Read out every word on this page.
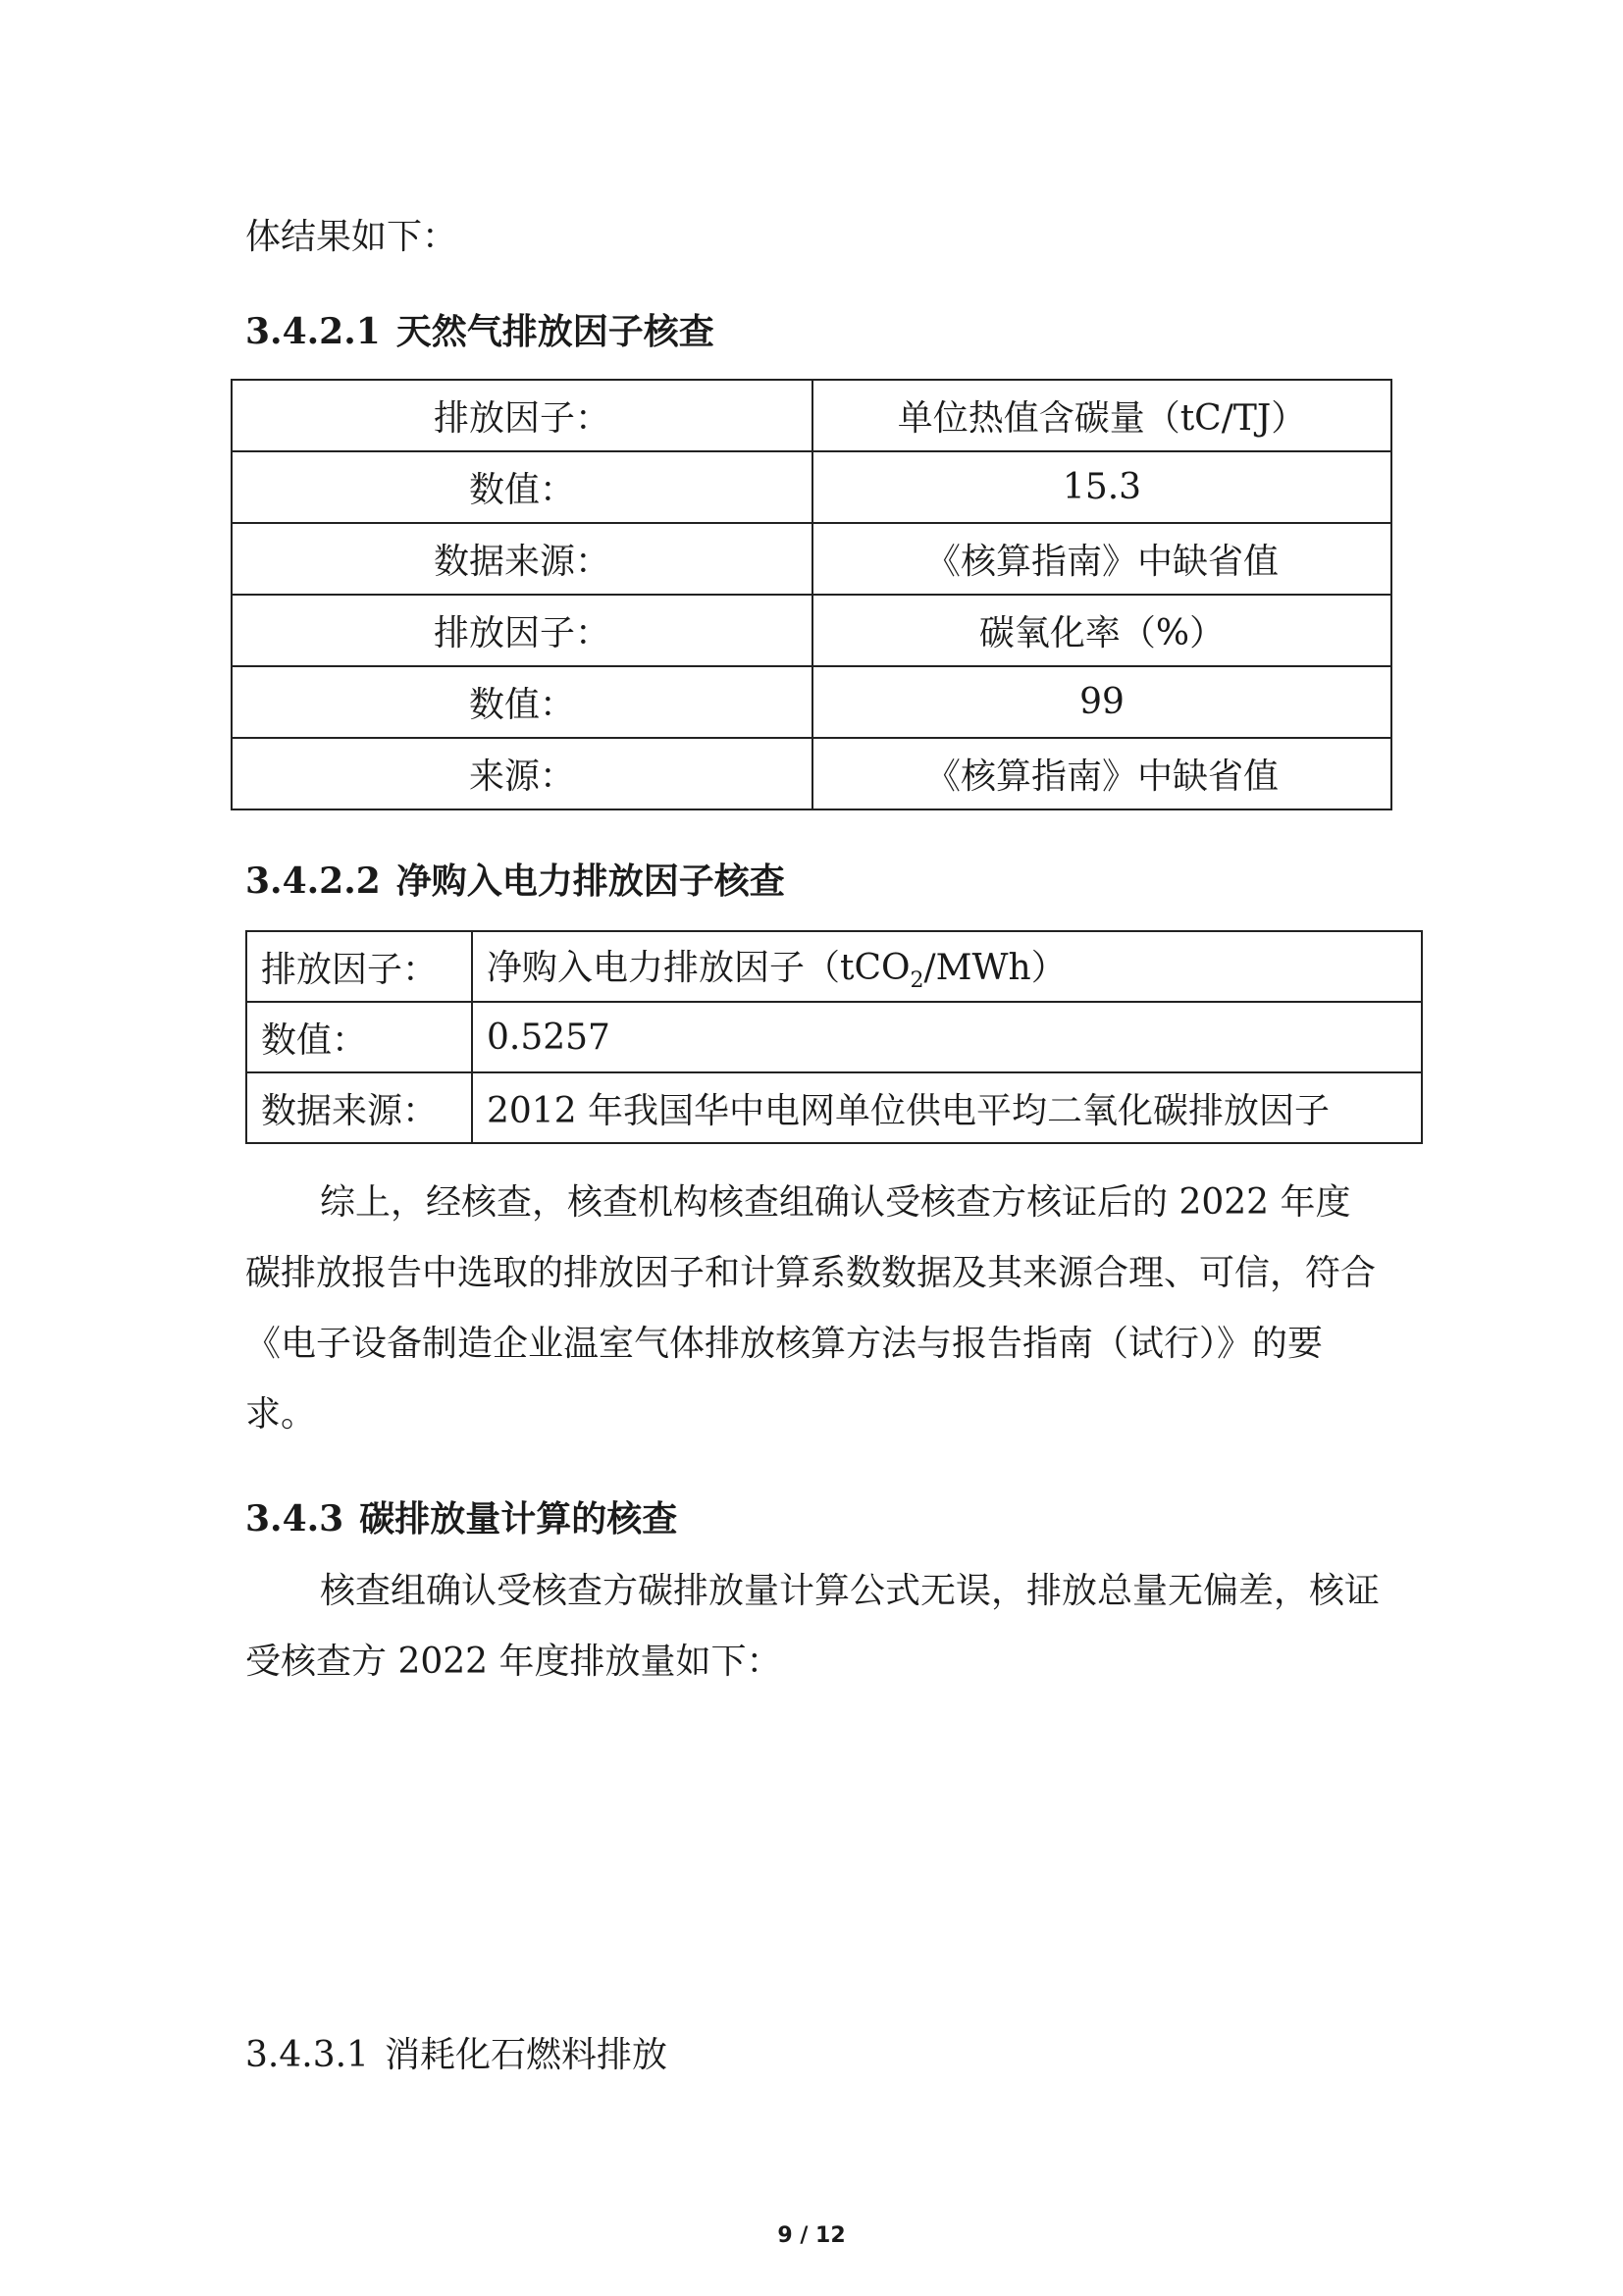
体结果如下：

3.4.2.1 天然气排放因子核查
排放因子：	单位热值含碳量（tC/TJ）
数值：	15.3
数据来源：	《核算指南》中缺省值
排放因子：	碳氧化率（%）
数值：	99
来源：	《核算指南》中缺省值
3.4.2.2 净购入电力排放因子核查
排放因子：	净购入电力排放因子（tCO$_2$/MWh）
数值：	0.5257
数据来源：	2012 年我国华中电网单位供电平均二氧化碳排放因子

综上，经核查，核查机构核查组确认受核查方核证后的 2022 年度碳排放报告中选取的排放因子和计算系数数据及其来源合理、可信，符合《电子设备制造企业温室气体排放核算方法与报告指南（试行）》的要求。

3.4.3 碳排放量计算的核查

核查组确认受核查方碳排放量计算公式无误，排放总量无偏差，核证受核查方 2022 年度排放量如下：

3.4.3.1 消耗化石燃料排放
9 / 12
